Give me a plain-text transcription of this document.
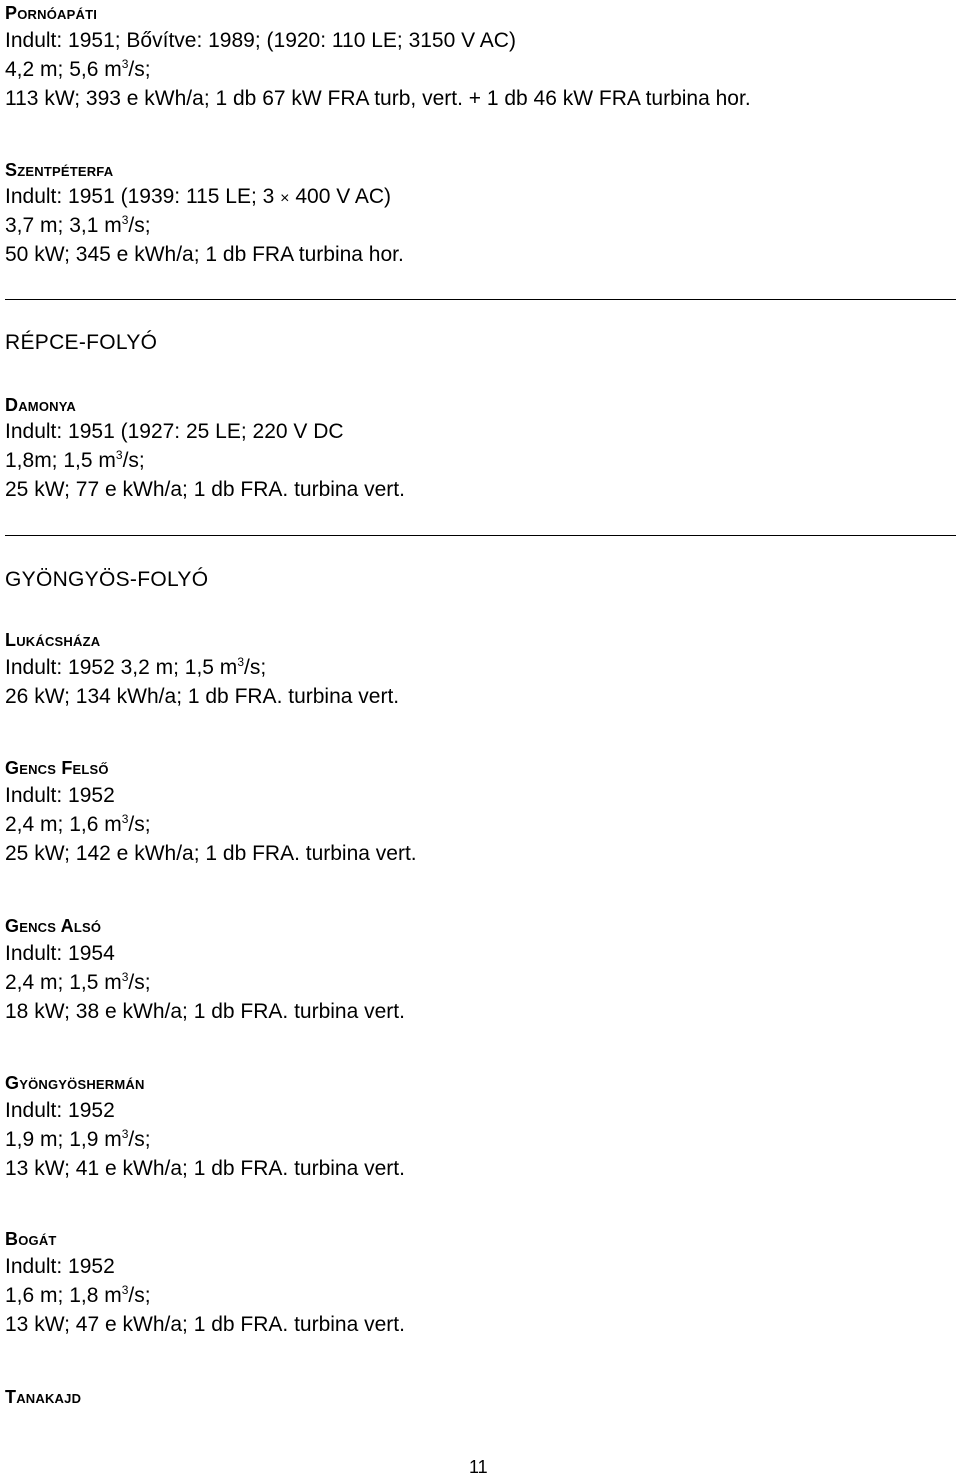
Pornóapáti
Indult: 1951; Bővítve: 1989; (1920: 110 LE; 3150 V AC)
4,2 m; 5,6 $m^3/s$;
113 kW; 393 e kWh/a; 1 db 67 kW FRA turb, vert. + 1 db 46 kW FRA turbina hor.
Szentpéterfa
Indult: 1951 (1939: 115 LE; 3 × 400 V AC)
3,7 m; 3,1 $m^3/s$;
50 kW; 345 e kWh/a; 1 db FRA turbina hor.
RÉPCE-FOLYÓ
Damonya
Indult: 1951 (1927: 25 LE; 220 V DC
1,8m; 1,5 $m^3/s$;
25 kW; 77 e kWh/a; 1 db FRA. turbina vert.
GYÖNGYÖS-FOLYÓ
Lukácsháza
Indult: 1952 3,2 m; 1,5 $m^3/s$;
26 kW; 134 kWh/a; 1 db FRA. turbina vert.
Gencs Felső
Indult: 1952
2,4 m; 1,6 $m^3/s$;
25 kW; 142 e kWh/a; 1 db FRA. turbina vert.
Gencs Alsó
Indult: 1954
2,4 m; 1,5 $m^3/s$;
18 kW; 38 e kWh/a; 1 db FRA. turbina vert.
Gyöngyöshermán
Indult: 1952
1,9 m; 1,9 $m^3/s$;
13 kW; 41 e kWh/a; 1 db FRA. turbina vert.
Bogát
Indult: 1952
1,6 m; 1,8 $m^3/s$;
13 kW; 47 e kWh/a; 1 db FRA. turbina vert.
Tanakajd
11
